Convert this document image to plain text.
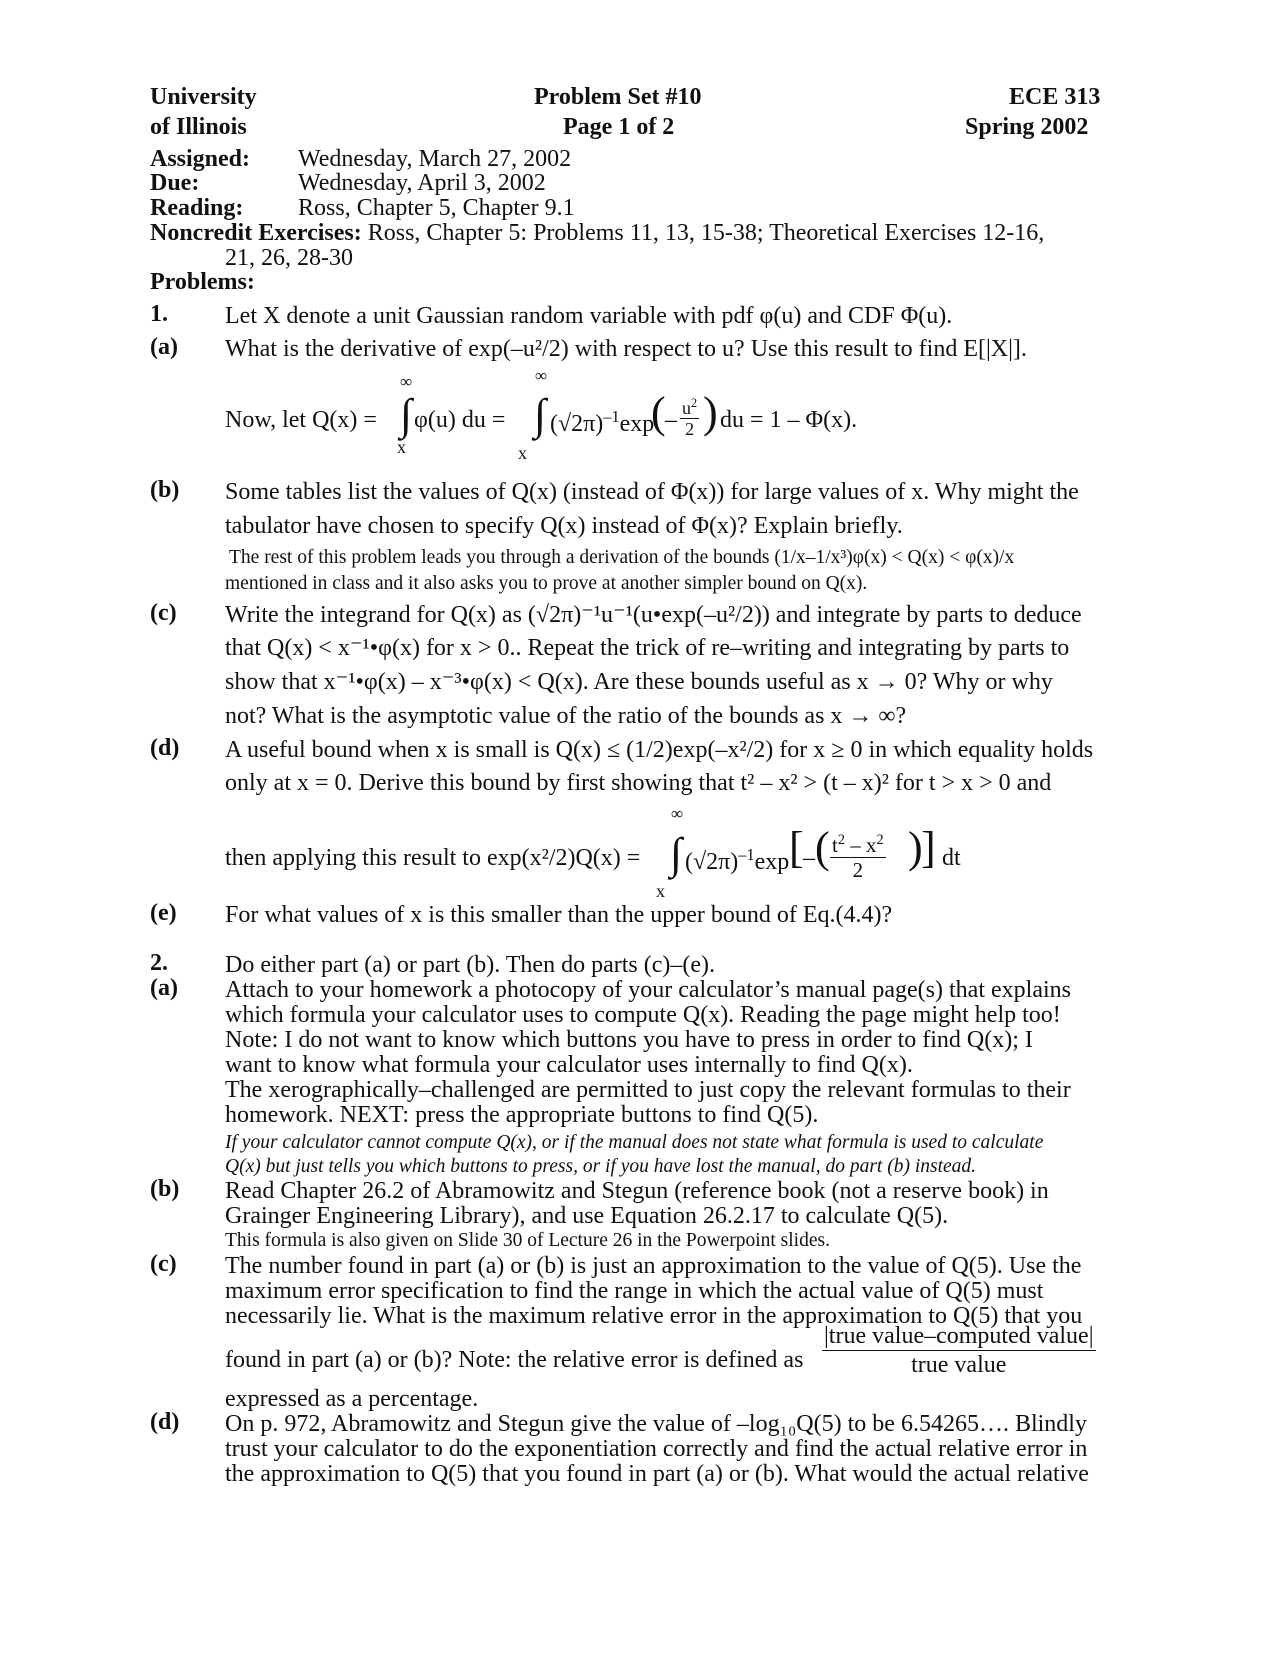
University
of Illinois
Problem Set #10
Page 1 of 2
ECE 313
Spring 2002
Assigned: Wednesday, March 27, 2002
Due:	Wednesday, April 3, 2002
Reading: Ross, Chapter 5, Chapter 9.1
Noncredit Exercises: Ross, Chapter 5: Problems 11, 13, 15-38; Theoretical Exercises 12-16,
21, 26, 28-30
Problems:
1. Let X denote a unit Gaussian random variable with pdf φ(u) and CDF Φ(u).
(a) What is the derivative of exp(–u²/2) with respect to u? Use this result to find E[|X|].
Now, let Q(x) =
∞
∫
x
φ(u) du =
∞
∫
x
$(√2\pi)^{-1}\exp$
( – $u^2$
2 ) du = 1 – Φ(x).
(b) Some tables list the values of Q(x) (instead of Φ(x)) for large values of x. Why might the
tabulator have chosen to specify Q(x) instead of Φ(x)? Explain briefly.
The rest of this problem leads you through a derivation of the bounds (1/x–1/x³)φ(x) < Q(x) < φ(x)/x
mentioned in class and it also asks you to prove at another simpler bound on Q(x).
(c) Write the integrand for Q(x) as (√2π)⁻¹u⁻¹(u•exp(–u²/2)) and integrate by parts to deduce
that Q(x) < x⁻¹•φ(x) for x > 0.. Repeat the trick of re–writing and integrating by parts to
show that x⁻¹•φ(x) – x⁻³•φ(x) < Q(x). Are these bounds useful as x → 0? Why or why
not? What is the asymptotic value of the ratio of the bounds as x → ∞?
(d) A useful bound when x is small is Q(x) ≤ (1/2)exp(–x²/2) for x ≥ 0 in which equality holds
only at x = 0. Derive this bound by first showing that t² – x² > (t – x)² for t > x > 0 and
then applying this result to exp(x²/2)Q(x) =
∞
∫
x
$(√2\pi)^{-1}\exp$ [ – ( $t^2 - x^2$
2	)
] dt
(e) For what values of x is this smaller than the upper bound of Eq.(4.4)?
2. Do either part (a) or part (b). Then do parts (c)–(e).
(a) Attach to your homework a photocopy of your calculator’s manual page(s) that explains
which formula your calculator uses to compute Q(x). Reading the page might help too!
Note: I do not want to know which buttons you have to press in order to find Q(x); I
want to know what formula your calculator uses internally to find Q(x).
The xerographically–challenged are permitted to just copy the relevant formulas to their
homework. NEXT: press the appropriate buttons to find Q(5).
If your calculator cannot compute Q(x), or if the manual does not state what formula is used to calculate
Q(x) but just tells you which buttons to press, or if you have lost the manual, do part (b) instead.
(b) Read Chapter 26.2 of Abramowitz and Stegun (reference book (not a reserve book) in
Grainger Engineering Library), and use Equation 26.2.17 to calculate Q(5).
This formula is also given on Slide 30 of Lecture 26 in the Powerpoint slides.
(c) The number found in part (a) or (b) is just an approximation to the value of Q(5). Use the
maximum error specification to find the range in which the actual value of Q(5) must
necessarily lie. What is the maximum relative error in the approximation to Q(5) that you
found in part (a) or (b)? Note: the relative error is defined as
|true value–computed value|
true value
expressed as a percentage.
(d) On p. 972, Abramowitz and Stegun give the value of –log₁₀Q(5) to be 6.54265…. Blindly
trust your calculator to do the exponentiation correctly and find the actual relative error in
the approximation to Q(5) that you found in part (a) or (b). What would the actual relative
